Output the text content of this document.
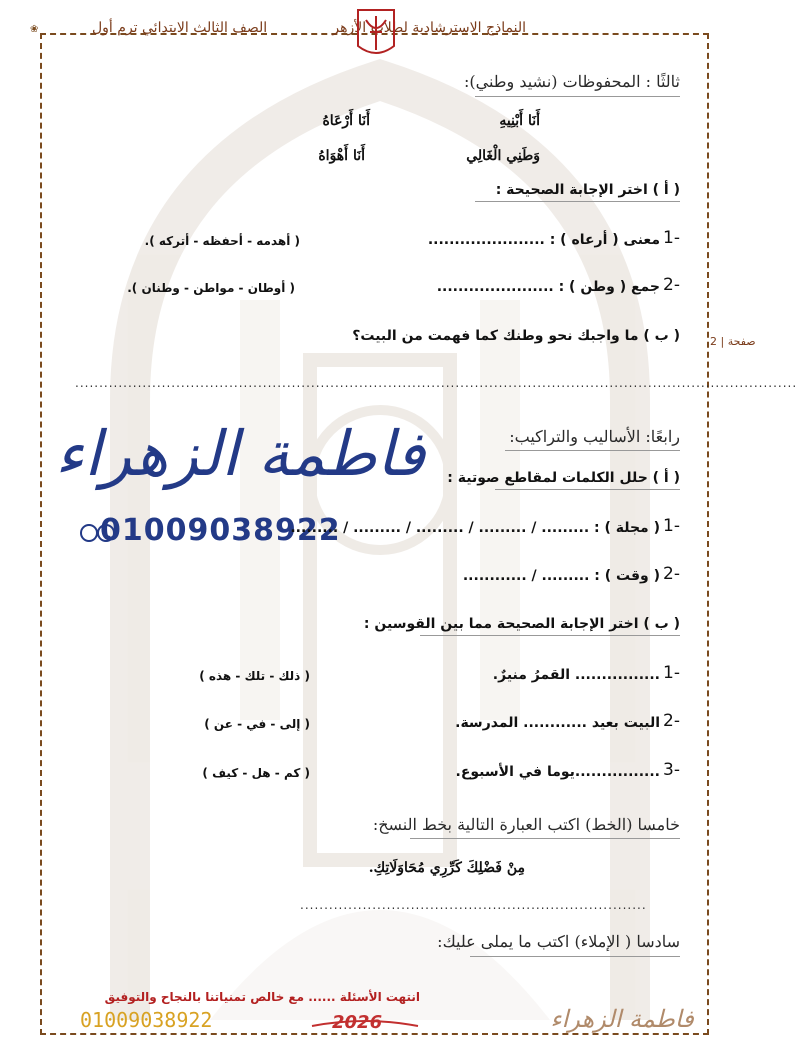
النماذج الاسترشادية لطلاب الأزهر
الصف الثالث الابتدائي ترم أول
❀
صفحة | 2
ثالثًا : المحفوظات (نشيد وطني):
أَنَا أَبْنِيهِ
أَنَا أَرْعَاهُ
وَطَنِي الْغَالِي
أَنَا أَهْوَاهُ
( أ ) اختر الإجابة الصحيحة :
1-
معنى ( أرعاه ) : ......................
( أهدمه - أحفظه - أتركه ).
2-
جمع ( وطن ) : ......................
( أوطان - مواطن - وطنان ).
( ب ) ما واجبك نحو وطنك كما فهمت من البيت؟
......................................................................................................................................................
فاطمة الزهراء
01009038922
رابعًا: الأساليب والتراكيب:
( أ ) حلل الكلمات لمقاطع صوتية :
1-
( مجلة ) : ......... / ......... / ......... / ......... / .........
2-
( وقت ) : ......... / ............
( ب ) اختر الإجابة الصحيحة مما بين القوسين :
1-
................ القمرُ منيرٌ.
( ذلك - تلك - هذه )
2-
البيت بعيد ............ المدرسة.
( إلى - في - عن )
3-
................يوما في الأسبوع.
( كم - هل - كيف )
خامسا (الخط) اكتب العبارة التالية بخط النسخ:
مِنْ فَضْلِكَ كَرِّرِي مُحَاوَلَاتِكِ.
........................................................................
سادسا ( الإملاء) اكتب ما يملى عليك:
انتهت الأسئلة ...... مع خالص تمنياتنا بالنجاح والتوفيق
01009038922	2026	فاطمة الزهراء
